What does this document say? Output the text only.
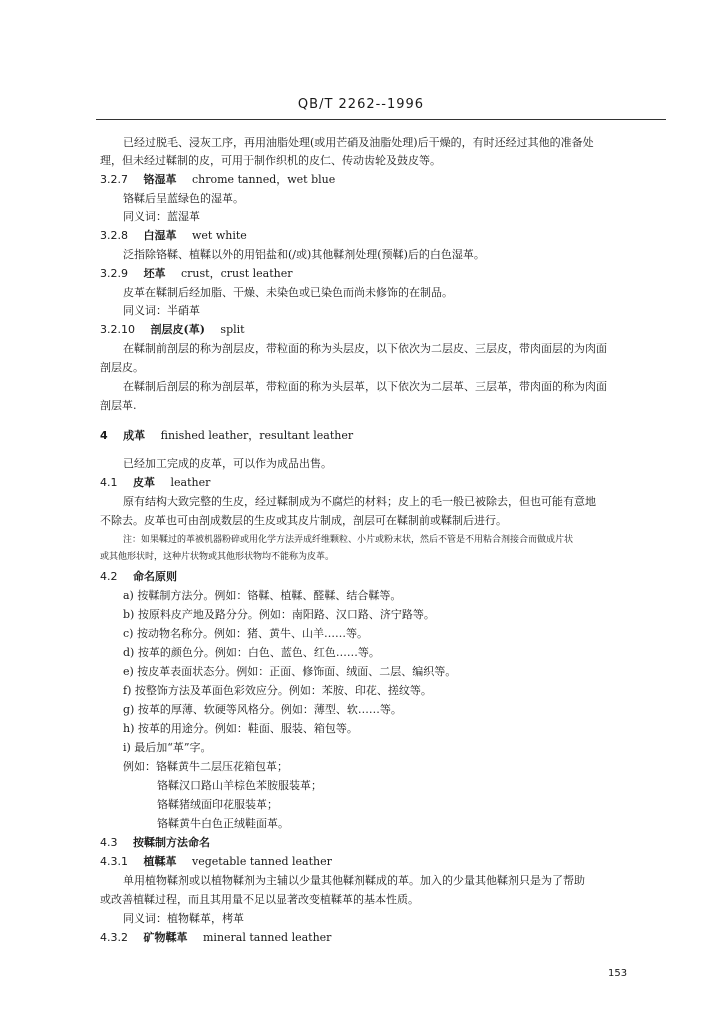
QB/T 2262--1996
已经过脱毛、浸灰工序，再用油脂处理(或用芒硝及油脂处理)后干燥的，有时还经过其他的准备处
理，但未经过鞣制的皮，可用于制作织机的皮仁、传动齿轮及鼓皮等。
3.2.7 铬湿革 chrome tanned，wet blue
铬鞣后呈蓝绿色的湿革。
同义词：蓝湿革
3.2.8 白湿革 wet white
泛指除铬鞣、植鞣以外的用铝盐和(/或)其他鞣剂处理(预鞣)后的白色湿革。
3.2.9 坯革 crust，crust leather
皮革在鞣制后经加脂、干燥、未染色或已染色而尚未修饰的在制品。
同义词：半硝革
3.2.10 剖层皮(革) split
在鞣制前剖层的称为剖层皮，带粒面的称为头层皮，以下依次为二层皮、三层皮，带肉面层的为肉面
剖层皮。
在鞣制后剖层的称为剖层革，带粒面的称为头层革，以下依次为二层革、三层革，带肉面的称为肉面
剖层革.
4 成革 finished leather，resultant leather
已经加工完成的皮革，可以作为成品出售。
4.1 皮革 leather
原有结构大致完整的生皮，经过鞣制成为不腐烂的材料；皮上的毛一般已被除去，但也可能有意地
不除去。皮革也可由剖成数层的生皮或其皮片制成，剖层可在鞣制前或鞣制后进行。
注：如果鞣过的革被机器粉碎或用化学方法弄成纤维颗粒、小片或粉末状，然后不管是不用粘合剂接合而做成片状
或其他形状时，这种片状物或其他形状物均不能称为皮革。
4.2 命名原则
a) 按鞣制方法分。例如：铬鞣、植鞣、醛鞣、结合鞣等。
b) 按原料皮产地及路分分。例如：南阳路、汉口路、济宁路等。
c) 按动物名称分。例如：猪、黄牛、山羊……等。
d) 按革的颜色分。例如：白色、蓝色、红色……等。
e) 按皮革表面状态分。例如：正面、修饰面、绒面、二层、编织等。
f) 按整饰方法及革面色彩效应分。例如：苯胺、印花、搓纹等。
g) 按革的厚薄、软硬等风格分。例如：薄型、软……等。
h) 按革的用途分。例如：鞋面、服装、箱包等。
i) 最后加“革”字。
例如：铬鞣黄牛二层压花箱包革；
铬鞣汉口路山羊棕色苯胺服装革；
铬鞣猪绒面印花服装革；
铬鞣黄牛白色正绒鞋面革。
4.3 按鞣制方法命名
4.3.1 植鞣革 vegetable tanned leather
单用植物鞣剂或以植物鞣剂为主辅以少量其他鞣剂鞣成的革。加入的少量其他鞣剂只是为了帮助
或改善植鞣过程，而且其用量不足以显著改变植鞣革的基本性质。
同义词：植物鞣革，栲革
4.3.2 矿物鞣革 mineral tanned leather
153
